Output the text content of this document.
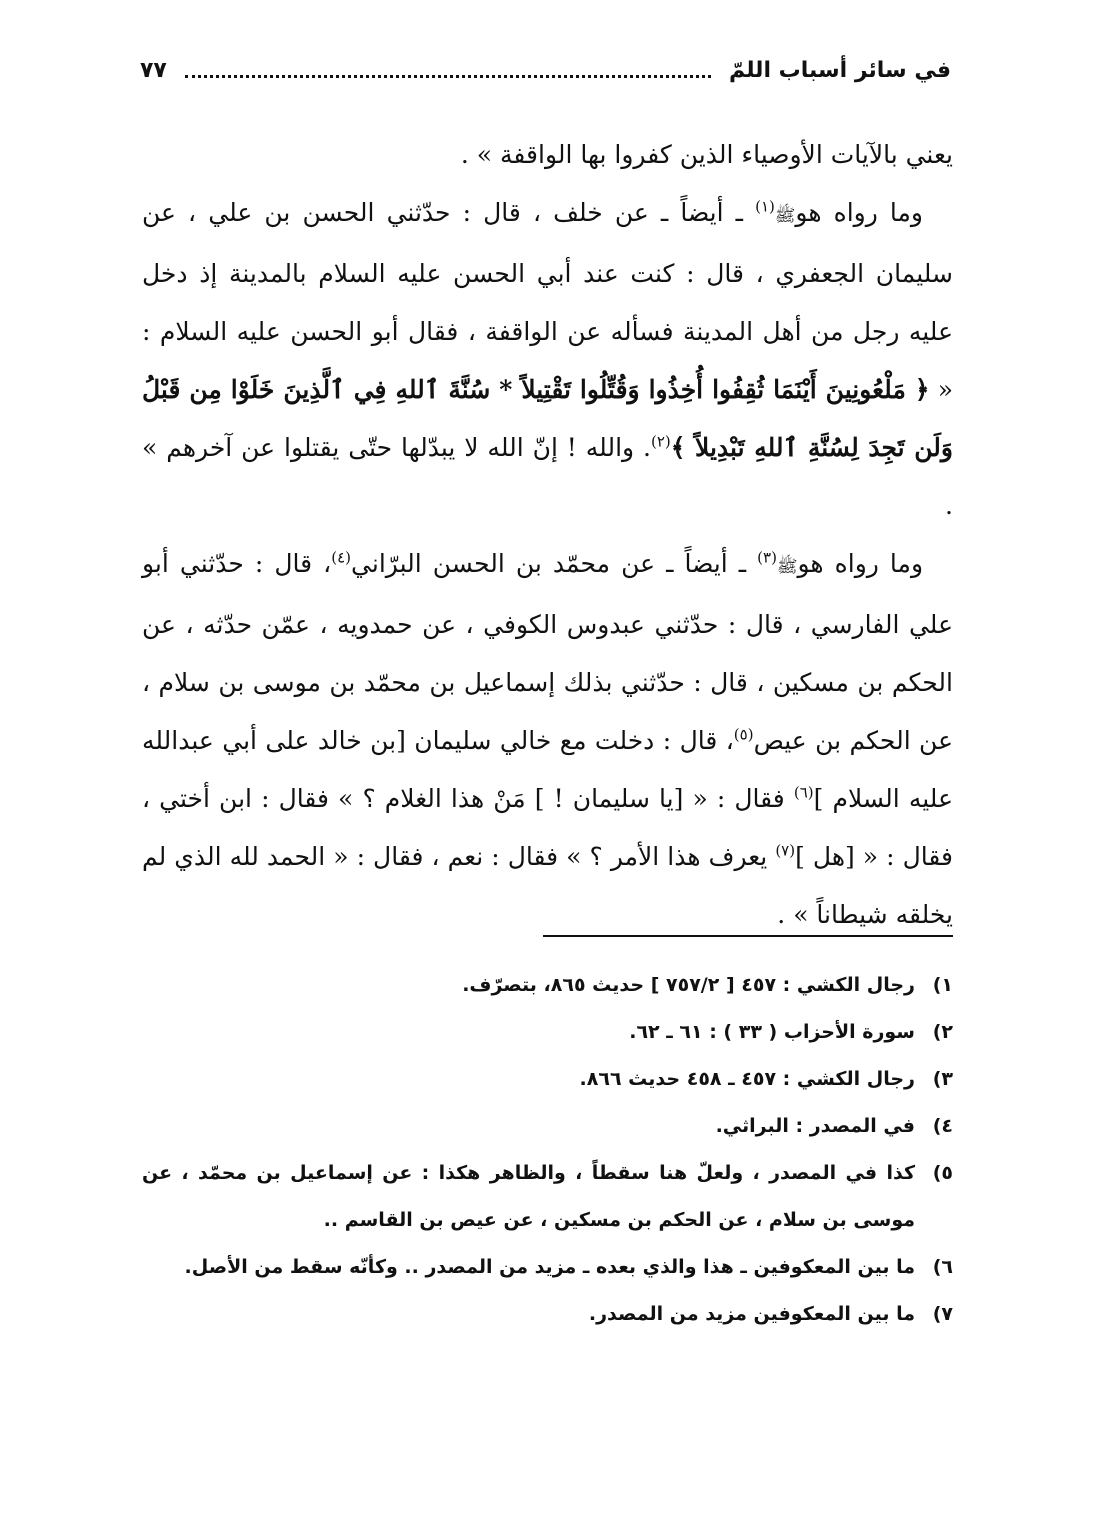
في سائر أسباب اللمّ
٧٧

يعني بالآيات الأوصياء الذين كفروا بها الواقفة » .

وما رواه هوﷺ$^{(١)}$ ـ أيضاً ـ عن خلف ، قال : حدّثني الحسن بن علي ، عن سليمان الجعفري ، قال : كنت عند أبي الحسن عليه السلام بالمدينة إذ دخل عليه رجل من أهل المدينة فسأله عن الواقفة ، فقال أبو الحسن عليه السلام : « ﴿ مَلْعُونِينَ أَيْنَمَا ثُقِفُوا أُخِذُوا وَقُتِّلُوا تَقْتِيلاً * سُنَّةَ ٱللهِ فِي ٱلَّذِينَ خَلَوْا مِن قَبْلُ وَلَن تَجِدَ لِسُنَّةِ ٱللهِ تَبْدِيلاً ﴾$^{(٢)}$. والله ! إنّ الله لا يبدّلها حتّى يقتلوا عن آخرهم » .

وما رواه هوﷺ$^{(٣)}$ ـ أيضاً ـ عن محمّد بن الحسن البرّاني$^{(٤)}$، قال : حدّثني أبو علي الفارسي ، قال : حدّثني عبدوس الكوفي ، عن حمدويه ، عمّن حدّثه ، عن الحكم بن مسكين ، قال : حدّثني بذلك إسماعيل بن محمّد بن موسى بن سلام ، عن الحكم بن عيص$^{(٥)}$، قال : دخلت مع خالي سليمان [بن خالد على أبي عبدالله عليه السلام ]$^{(٦)}$ فقال : « [يا سليمان ! ] مَنْ هذا الغلام ؟ » فقال : ابن أختي ، فقال : « [هل ]$^{(٧)}$ يعرف هذا الأمر ؟ » فقال : نعم ، فقال : « الحمد لله الذي لم يخلقه شيطاناً » .

١)
رجال الكشي : ٤٥٧ [ ٧٥٧/٢ ] حديث ٨٦٥، بتصرّف.
٢)
سورة الأحزاب ( ٣٣ ) : ٦١ ـ ٦٢.
٣)
رجال الكشي : ٤٥٧ ـ ٤٥٨ حديث ٨٦٦.
٤)
في المصدر : البراثي.
٥)
كذا في المصدر ، ولعلّ هنا سقطاً ، والظاهر هكذا : عن إسماعيل بن محمّد ، عن موسى بن سلام ، عن الحكم بن مسكين ، عن عيص بن القاسم ..
٦)
ما بين المعكوفين ـ هذا والذي بعده ـ مزيد من المصدر .. وكأنّه سقط من الأصل.
٧)
ما بين المعكوفين مزيد من المصدر.
